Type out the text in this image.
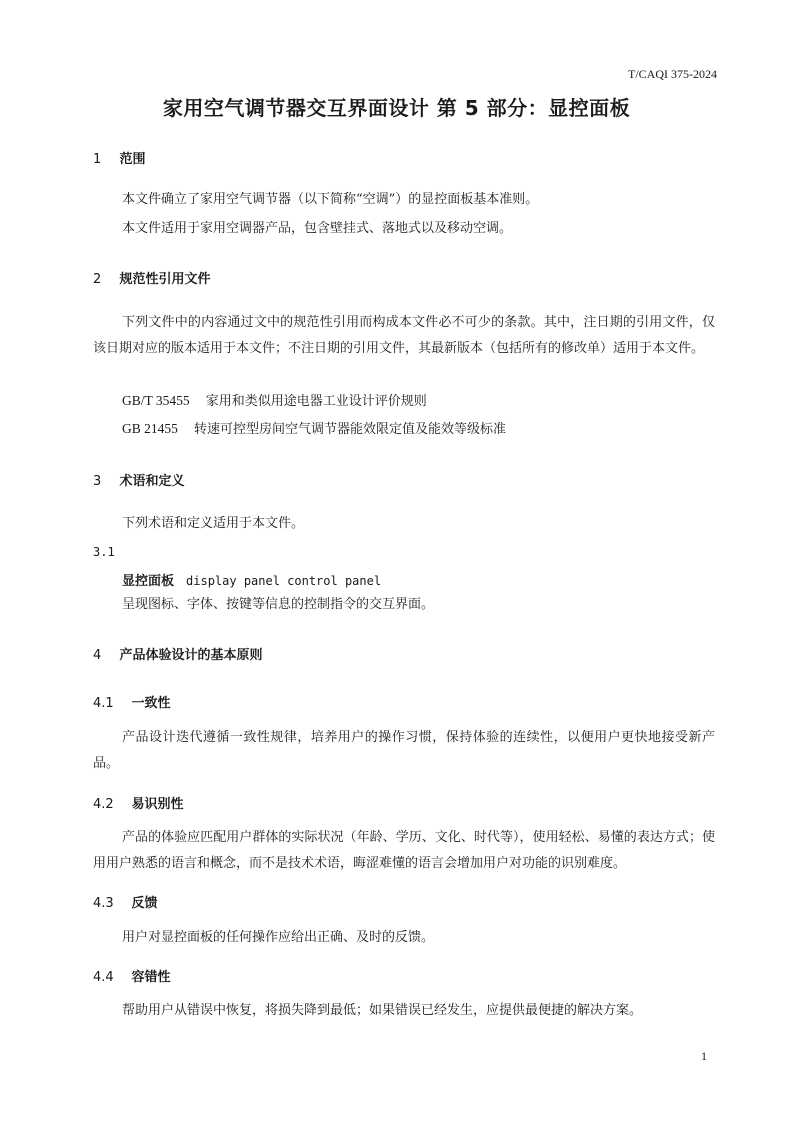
T/CAQI 375-2024
家用空气调节器交互界面设计 第 5 部分：显控面板
1 范围
本文件确立了家用空气调节器（以下简称“空调”）的显控面板基本准则。
本文件适用于家用空调器产品，包含壁挂式、落地式以及移动空调。
2 规范性引用文件
下列文件中的内容通过文中的规范性引用而构成本文件必不可少的条款。其中，注日期的引用文件，仅该日期对应的版本适用于本文件；不注日期的引用文件，其最新版本（包括所有的修改单）适用于本文件。
GB/T 35455 家用和类似用途电器工业设计评价规则
GB 21455 转速可控型房间空气调节器能效限定值及能效等级标准
3 术语和定义
下列术语和定义适用于本文件。
3.1
显控面板 display panel control panel
呈现图标、字体、按键等信息的控制指令的交互界面。
4 产品体验设计的基本原则
4.1 一致性
产品设计迭代遵循一致性规律，培养用户的操作习惯，保持体验的连续性，以便用户更快地接受新产品。
4.2 易识别性
产品的体验应匹配用户群体的实际状况（年龄、学历、文化、时代等），使用轻松、易懂的表达方式；使用用户熟悉的语言和概念，而不是技术术语，晦涩难懂的语言会增加用户对功能的识别难度。
4.3 反馈
用户对显控面板的任何操作应给出正确、及时的反馈。
4.4 容错性
帮助用户从错误中恢复，将损失降到最低；如果错误已经发生，应提供最便捷的解决方案。
1
